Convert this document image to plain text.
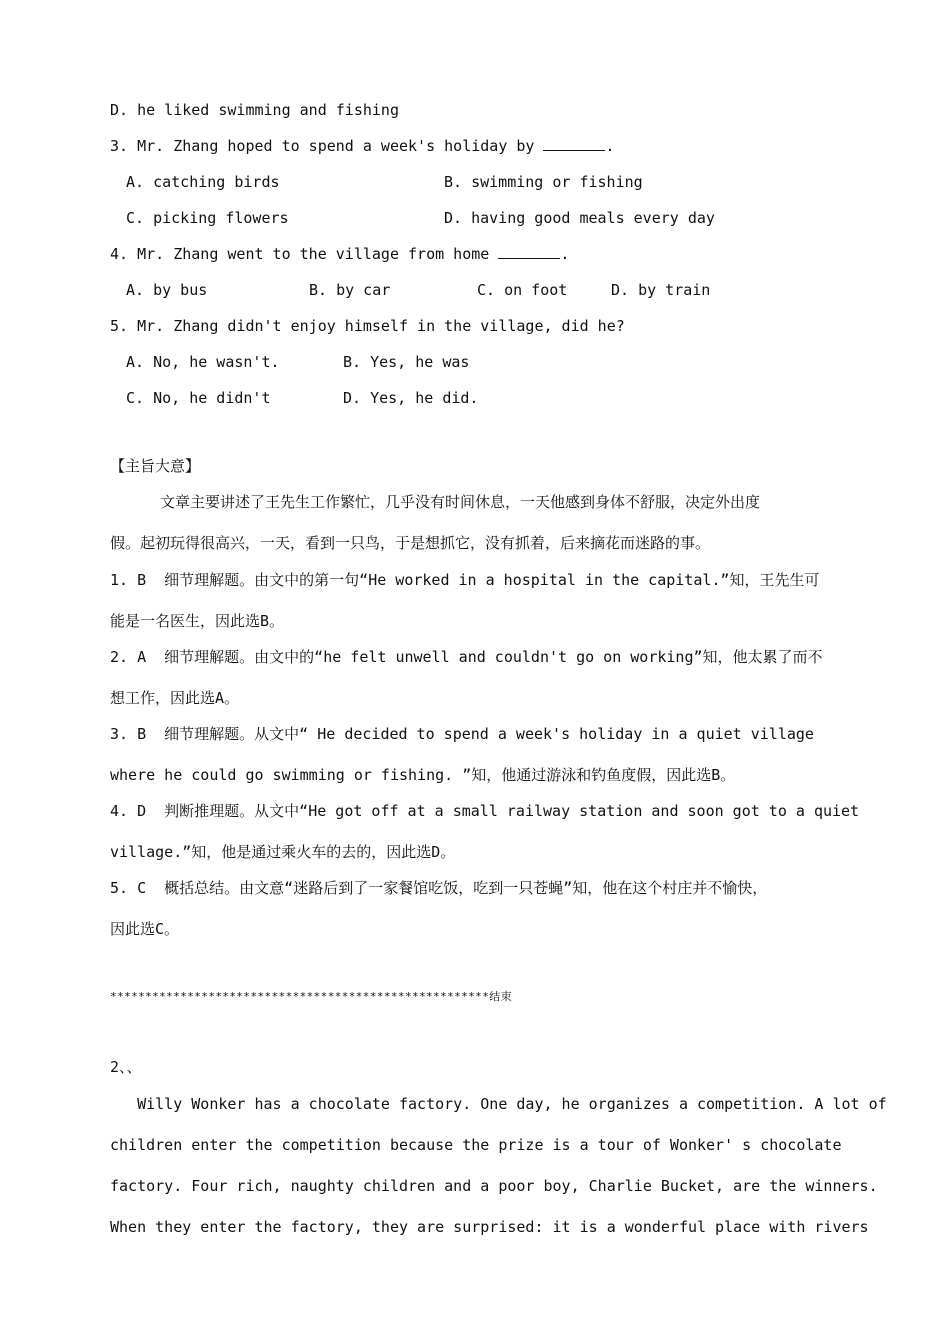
D. he liked swimming and fishing
3. Mr. Zhang hoped to spend a week's holiday by	.
A. catching birds	B. swimming or fishing
C. picking flowers	D. having good meals every day
4. Mr. Zhang went to the village from home	.
A. by bus	B. by car	C. on foot	D. by train
5. Mr. Zhang didn't enjoy himself in the village, did he?
A. No, he wasn't.	B. Yes, he was
C. No, he didn't	D. Yes, he did.
【主旨大意】
文章主要讲述了王先生工作繁忙，几乎没有时间休息，一天他感到身体不舒服，决定外出度
假。起初玩得很高兴，一天，看到一只鸟，于是想抓它，没有抓着，后来摘花而迷路的事。
1. B  细节理解题。由文中的第一句“He worked in a hospital in the capital.”知，王先生可
能是一名医生，因此选B。
2. A  细节理解题。由文中的“he felt unwell and couldn't go on working”知，他太累了而不
想工作，因此选A。
3. B  细节理解题。从文中“ He decided to spend a week's holiday in a quiet village
where he could go swimming or fishing. ”知，他通过游泳和钓鱼度假，因此选B。
4. D  判断推理题。从文中“He got off at a small railway station and soon got to a quiet
village.”知，他是通过乘火车的去的，因此选D。
5. C  概括总结。由文意“迷路后到了一家餐馆吃饭，吃到一只苍蝇”知，他在这个村庄并不愉快，
因此选C。
******************************************************结束
2、、
Willy Wonker has a chocolate factory. One day, he organizes a competition. A lot of
children enter the competition because the prize is a tour of Wonker' s chocolate
factory. Four rich, naughty children and a poor boy, Charlie Bucket, are the winners.
When they enter the factory, they are surprised: it is a wonderful place with rivers
